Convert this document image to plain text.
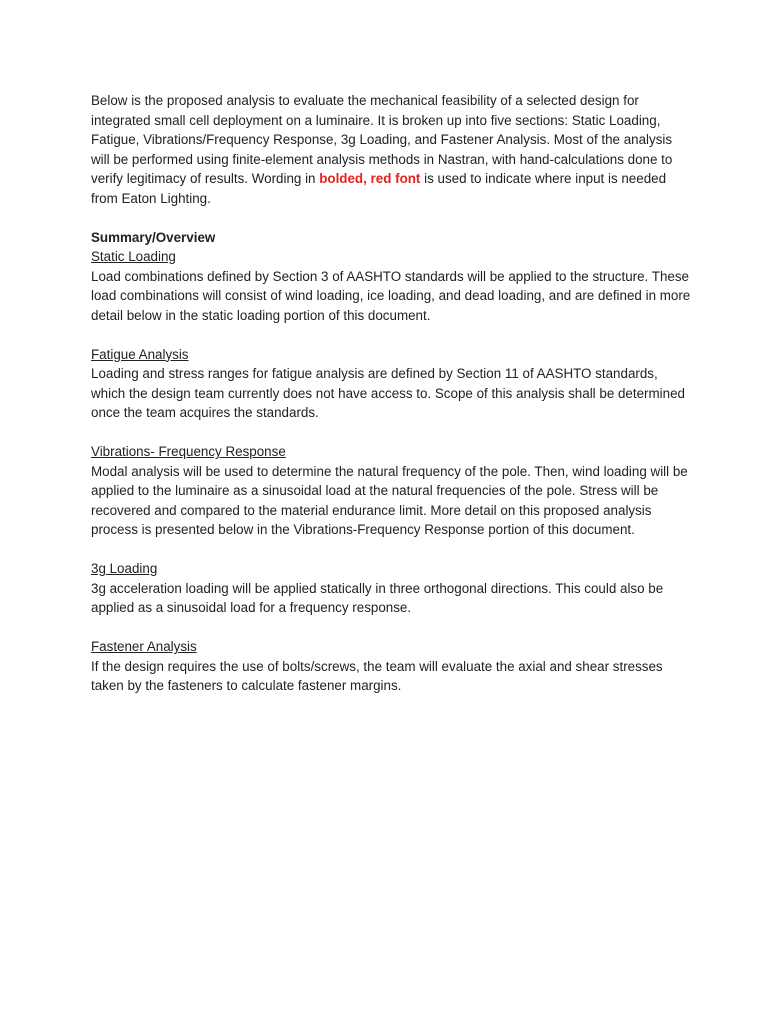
Below is the proposed analysis to evaluate the mechanical feasibility of a selected design for integrated small cell deployment on a luminaire. It is broken up into five sections: Static Loading, Fatigue, Vibrations/Frequency Response, 3g Loading, and Fastener Analysis. Most of the analysis will be performed using finite-element analysis methods in Nastran, with hand-calculations done to verify legitimacy of results. Wording in bolded, red font is used to indicate where input is needed from Eaton Lighting.

Summary/Overview

Static Loading

Load combinations defined by Section 3 of AASHTO standards will be applied to the structure. These load combinations will consist of wind loading, ice loading, and dead loading, and are defined in more detail below in the static loading portion of this document.

Fatigue Analysis

Loading and stress ranges for fatigue analysis are defined by Section 11 of AASHTO standards, which the design team currently does not have access to. Scope of this analysis shall be determined once the team acquires the standards.

Vibrations- Frequency Response

Modal analysis will be used to determine the natural frequency of the pole. Then, wind loading will be applied to the luminaire as a sinusoidal load at the natural frequencies of the pole. Stress will be recovered and compared to the material endurance limit. More detail on this proposed analysis process is presented below in the Vibrations-Frequency Response portion of this document.

3g Loading

3g acceleration loading will be applied statically in three orthogonal directions. This could also be applied as a sinusoidal load for a frequency response.

Fastener Analysis

If the design requires the use of bolts/screws, the team will evaluate the axial and shear stresses taken by the fasteners to calculate fastener margins.
